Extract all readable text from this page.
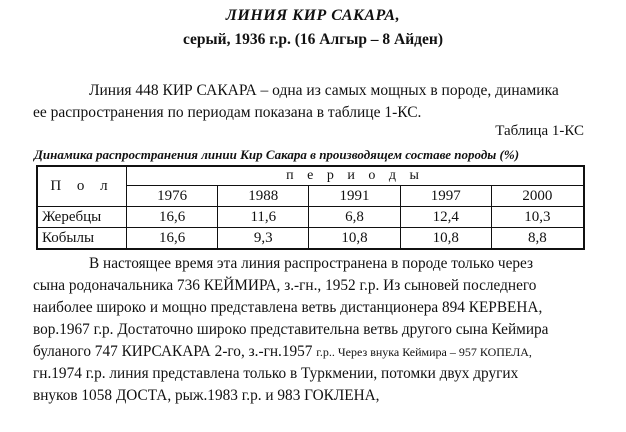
ЛИНИЯ КИР САКАРА,
серый, 1936 г.р. (16 Алгыр – 8 Айден)
Линия 448 КИР САКАРА – одна из самых мощных в породе, динамика
ее распространения по периодам показана в таблице 1-КС.
Таблица 1-КС
Динамика распространения линии Кир Сакара в производящем составе породы (%)
П о л	п е р и о д ы				
	1976	1988	1991	1997	2000
Жеребцы	16,6	11,6	6,8	12,4	10,3
Кобылы	16,6	9,3	10,8	10,8	8,8
В настоящее время эта линия распространена в породе только через
сына родоначальника 736 КЕЙМИРА, з.-гн., 1952 г.р. Из сыновей последнего
наиболее широко и мощно представлена ветвь дистанционера 894 КЕРВЕНА,
вор.1967 г.р. Достаточно широко представительна ветвь другого сына Кеймира
буланого 747 КИРСАКАРА 2-го, з.-гн.1957 г.р.. Через внука Кеймира – 957 КОПЕЛА,
гн.1974 г.р. линия представлена только в Туркмении, потомки двух других
внуков 1058 ДОСТА, рыж.1983 г.р. и 983 ГОКЛЕНА,
